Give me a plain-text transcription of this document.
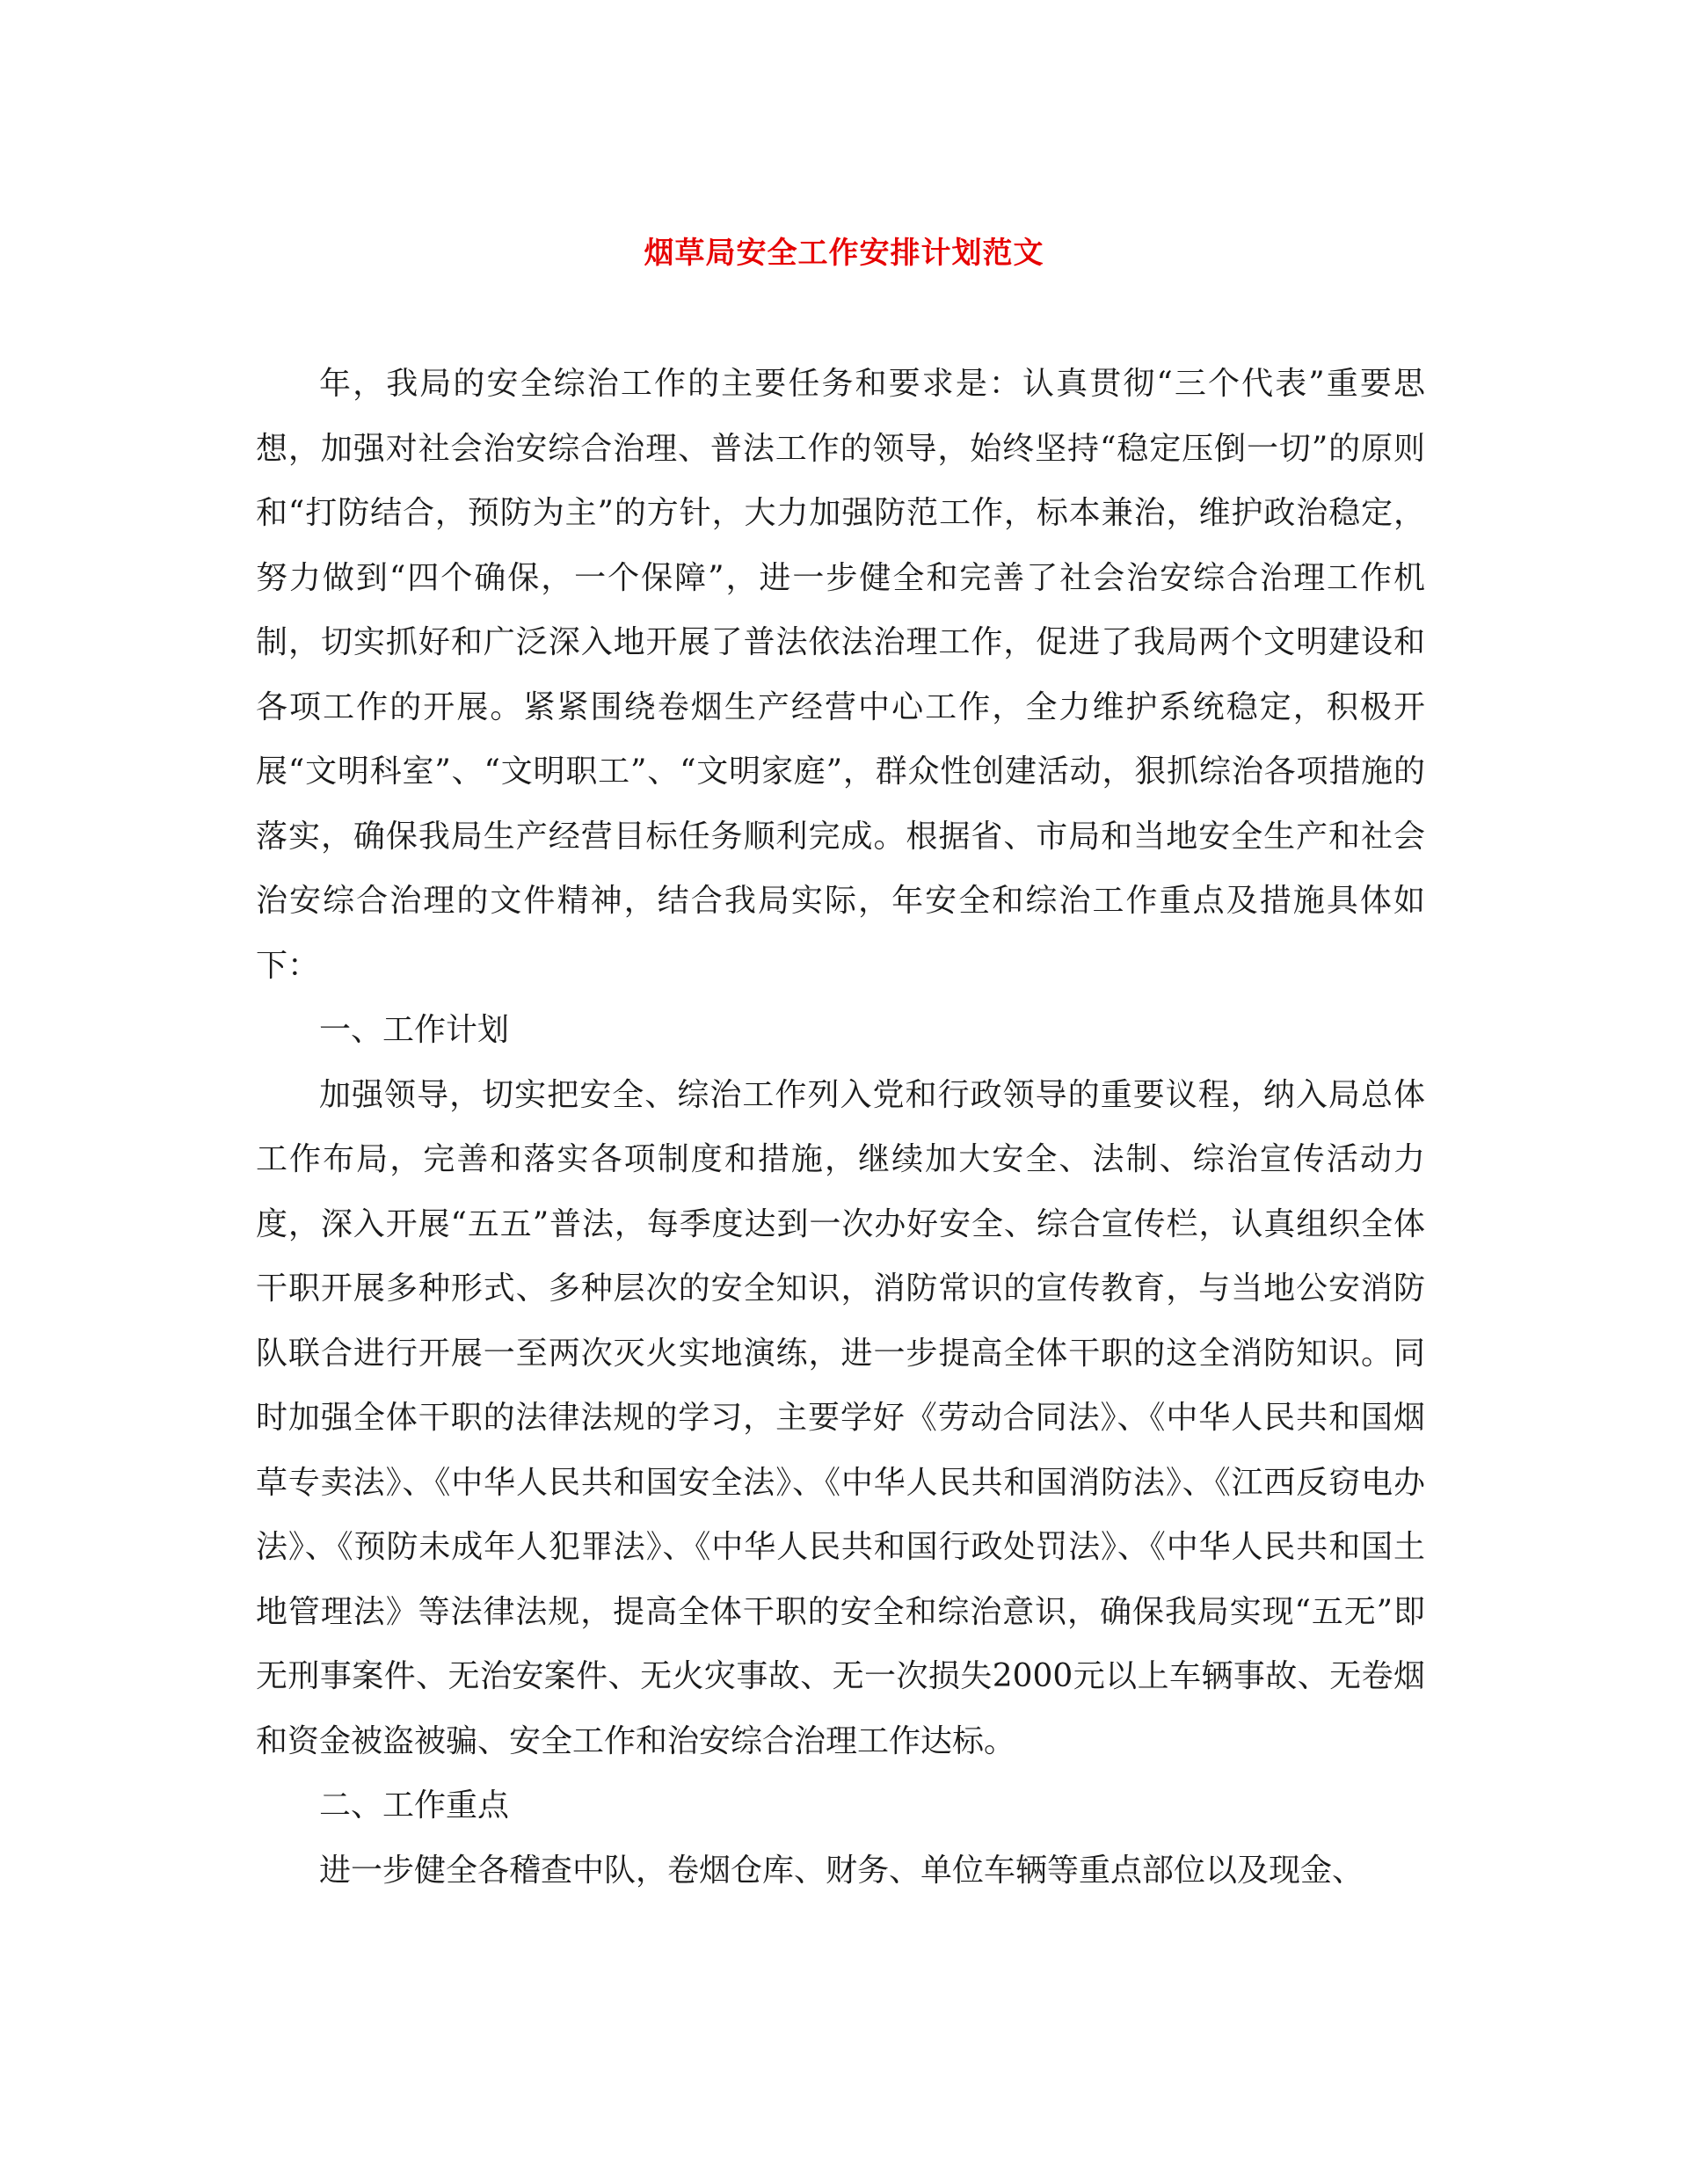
烟草局安全工作安排计划范文

年，我局的安全综治工作的主要任务和要求是：认真贯彻“三个代表”重要思想，加强对社会治安综合治理、普法工作的领导，始终坚持“稳定压倒一切”的原则和“打防结合，预防为主”的方针，大力加强防范工作，标本兼治，维护政治稳定，努力做到“四个确保，一个保障”，进一步健全和完善了社会治安综合治理工作机制，切实抓好和广泛深入地开展了普法依法治理工作，促进了我局两个文明建设和各项工作的开展。紧紧围绕卷烟生产经营中心工作，全力维护系统稳定，积极开展“文明科室”、“文明职工”、“文明家庭”，群众性创建活动，狠抓综治各项措施的落实，确保我局生产经营目标任务顺利完成。根据省、市局和当地安全生产和社会治安综合治理的文件精神，结合我局实际，年安全和综治工作重点及措施具体如下：

一、工作计划

加强领导，切实把安全、综治工作列入党和行政领导的重要议程，纳入局总体工作布局，完善和落实各项制度和措施，继续加大安全、法制、综治宣传活动力度，深入开展“五五”普法，每季度达到一次办好安全、综合宣传栏，认真组织全体干职开展多种形式、多种层次的安全知识，消防常识的宣传教育，与当地公安消防队联合进行开展一至两次灭火实地演练，进一步提高全体干职的这全消防知识。同时加强全体干职的法律法规的学习，主要学好《劳动合同法》、《中华人民共和国烟草专卖法》、《中华人民共和国安全法》、《中华人民共和国消防法》、《江西反窃电办法》、《预防未成年人犯罪法》、《中华人民共和国行政处罚法》、《中华人民共和国土地管理法》等法律法规，提高全体干职的安全和综治意识，确保我局实现“五无”即无刑事案件、无治安案件、无火灾事故、无一次损失2000元以上车辆事故、无卷烟和资金被盗被骗、安全工作和治安综合治理工作达标。

二、工作重点

进一步健全各稽查中队，卷烟仓库、财务、单位车辆等重点部位以及现金、
